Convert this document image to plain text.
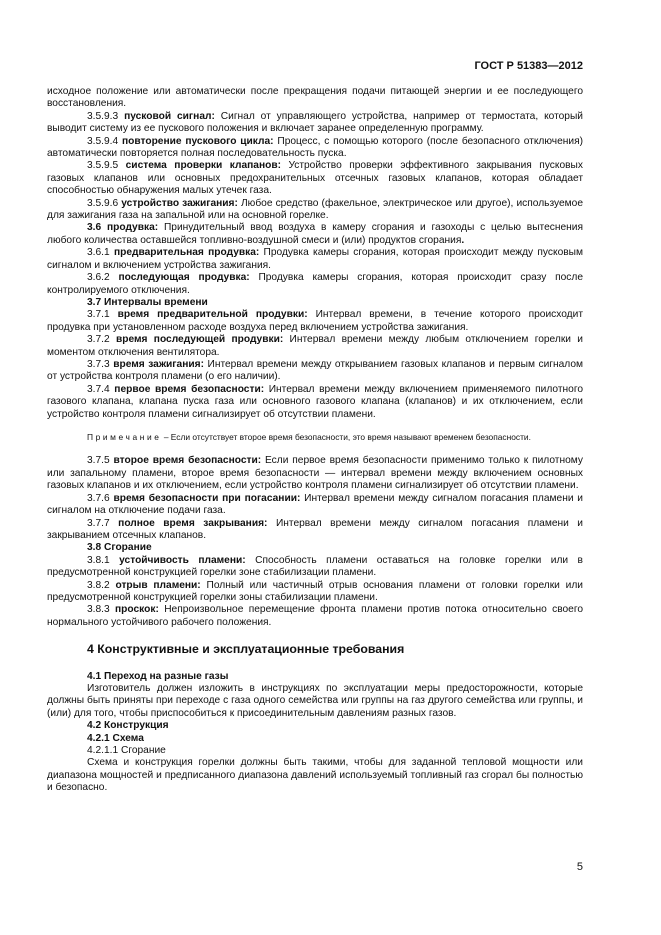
ГОСТ Р 51383—2012

исходное положение или автоматически после прекращения подачи питающей энергии и ее последующего восстановления.

3.5.9.3 пусковой сигнал: Сигнал от управляющего устройства, например от термостата, который выводит систему из ее пускового положения и включает заранее определенную программу.

3.5.9.4 повторение пускового цикла: Процесс, с помощью которого (после безопасного отключения) автоматически повторяется полная последовательность пуска.

3.5.9.5 система проверки клапанов: Устройство проверки эффективного закрывания пусковых газовых клапанов или основных предохранительных отсечных газовых клапанов, которая обладает способностью обнаружения малых утечек газа.

3.5.9.6 устройство зажигания: Любое средство (факельное, электрическое или другое), используемое для зажигания газа на запальной или на основной горелке.

3.6 продувка: Принудительный ввод воздуха в камеру сгорания и газоходы с целью вытеснения любого количества оставшейся топливно-воздушной смеси и (или) продуктов сгорания.

3.6.1 предварительная продувка: Продувка камеры сгорания, которая происходит между пусковым сигналом и включением устройства зажигания.

3.6.2 последующая продувка: Продувка камеры сгорания, которая происходит сразу после контролируемого отключения.

3.7 Интервалы времени

3.7.1 время предварительной продувки: Интервал времени, в течение которого происходит продувка при установленном расходе воздуха перед включением устройства зажигания.

3.7.2 время последующей продувки: Интервал времени между любым отключением горелки и моментом отключения вентилятора.

3.7.3 время зажигания: Интервал времени между открыванием газовых клапанов и первым сигналом от устройства контроля пламени (о его наличии).

3.7.4 первое время безопасности: Интервал времени между включением применяемого пилотного газового клапана, клапана пуска газа или основного газового клапана (клапанов) и их отключением, если устройство контроля пламени сигнализирует об отсутствии пламени.

Примечание – Если отсутствует второе время безопасности, это время называют временем безопасности.

3.7.5 второе время безопасности: Если первое время безопасности применимо только к пилотному или запальному пламени, второе время безопасности — интервал времени между включением основных газовых клапанов и их отключением, если устройство контроля пламени сигнализирует об отсутствии пламени.

3.7.6 время безопасности при погасании: Интервал времени между сигналом погасания пламени и сигналом на отключение подачи газа.

3.7.7 полное время закрывания: Интервал времени между сигналом погасания пламени и закрыванием отсечных клапанов.

3.8 Сгорание

3.8.1 устойчивость пламени: Способность пламени оставаться на головке горелки или в предусмотренной конструкцией горелки зоне стабилизации пламени.

3.8.2 отрыв пламени: Полный или частичный отрыв основания пламени от головки горелки или предусмотренной конструкцией горелки зоны стабилизации пламени.

3.8.3 проскок: Непроизвольное перемещение фронта пламени против потока относительно своего нормального устойчивого рабочего положения.

4 Конструктивные и эксплуатационные требования

4.1 Переход на разные газы

Изготовитель должен изложить в инструкциях по эксплуатации меры предосторожности, которые должны быть приняты при переходе с газа одного семейства или группы на газ другого семейства или группы, и (или) для того, чтобы приспособиться к присоединительным давлениям разных газов.

4.2 Конструкция

4.2.1 Схема

4.2.1.1 Сгорание

Схема и конструкция горелки должны быть такими, чтобы для заданной тепловой мощности или диапазона мощностей и предписанного диапазона давлений используемый топливный газ сгорал бы полностью и безопасно.

5
